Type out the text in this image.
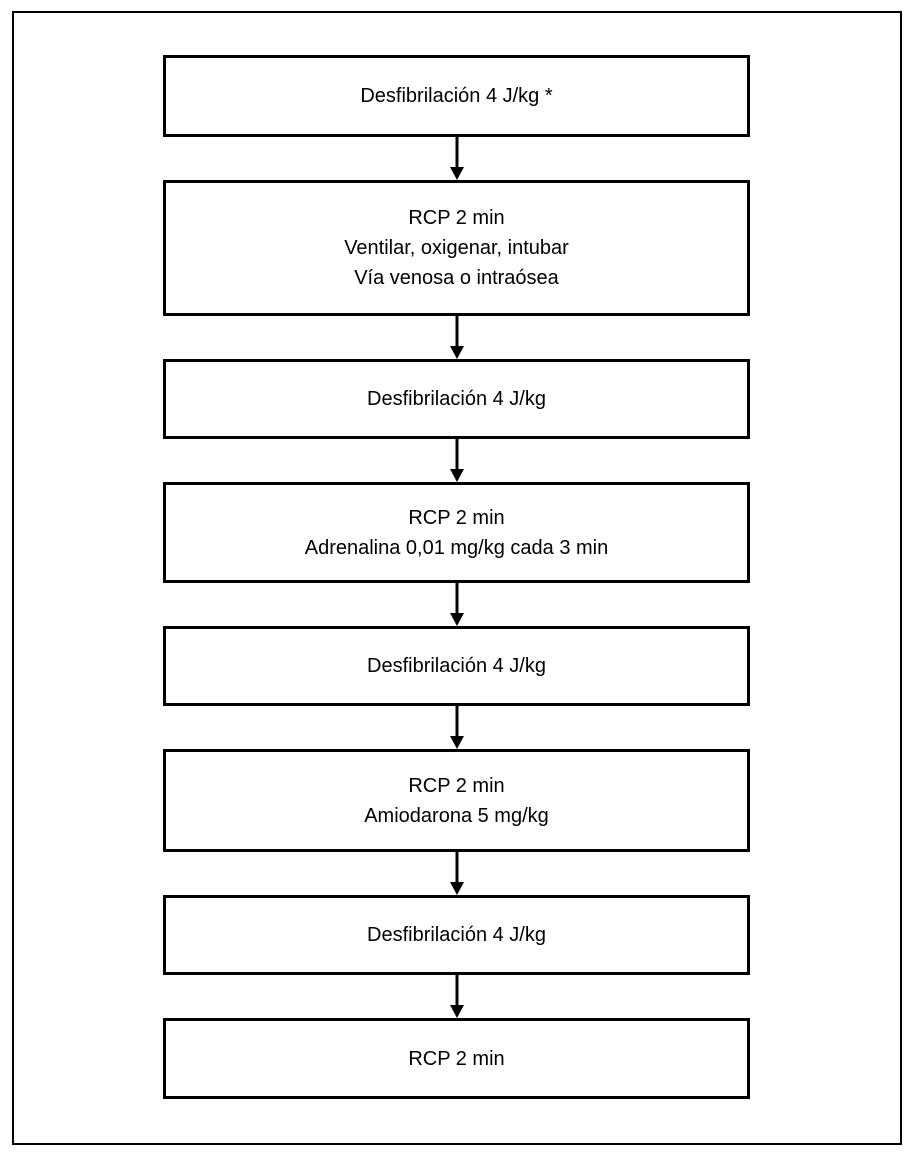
Desfibrilación 4 J/kg *
RCP 2 min
Ventilar, oxigenar, intubar
Vía venosa o intraósea
Desfibrilación 4 J/kg
RCP 2 min
Adrenalina 0,01 mg/kg cada 3 min
Desfibrilación 4 J/kg
RCP 2 min
Amiodarona 5 mg/kg
Desfibrilación 4 J/kg
RCP 2 min
